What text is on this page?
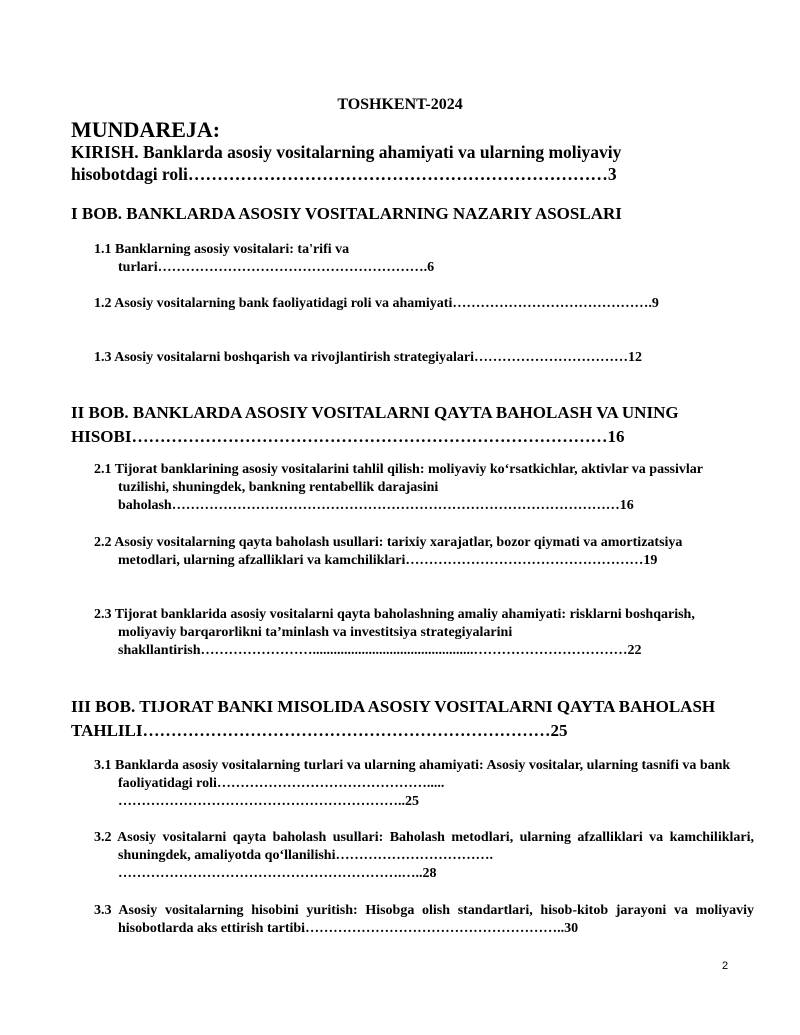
TOSHKENT-2024
MUNDAREJA:
KIRISH. Banklarda asosiy vositalarning ahamiyati va ularning moliyaviy hisobotdagi roli………………………………………………………………3
I BOB. BANKLARDA ASOSIY VOSITALARNING NAZARIY ASOSLARI
1.1 Banklarning asosiy vositalari: ta'rifi va turlari………………………………………………….6
1.2 Asosiy vositalarning bank faoliyatidagi roli va ahamiyati…………………………………….9
1.3 Asosiy vositalarni boshqarish va rivojlantirish strategiyalari……………………………12
II BOB. BANKLARDA ASOSIY VOSITALARNI QAYTA BAHOLASH VA UNING HISOBI…………………………………………………………………………16
2.1 Tijorat banklarining asosiy vositalarini tahlil qilish: moliyaviy ko‘rsatkichlar, aktivlar va passivlar tuzilishi, shuningdek, bankning rentabellik darajasini baholash……………………………………………………………………………………16
2.2 Asosiy vositalarning qayta baholash usullari: tarixiy xarajatlar, bozor qiymati va amortizatsiya metodlari, ularning afzalliklari va kamchiliklari……………………………………………19
2.3 Tijorat banklarida asosiy vositalarni qayta baholashning amaliy ahamiyati: risklarni boshqarish, moliyaviy barqarorlikni ta’minlash va investitsiya strategiyalarini shakllantirish……………………..............................................……………………………22
III BOB. TIJORAT BANKI MISOLIDA ASOSIY VOSITALARNI QAYTA BAHOLASH TAHLILI………………………………………………………………25
3.1 Banklarda asosiy vositalarning turlari va ularning ahamiyati: Asosiy vositalar, ularning tasnifi va bank faoliyatidagi roli……………………………………….....
……………………………………………………..25
3.2 Asosiy vositalarni qayta baholash usullari: Baholash metodlari, ularning afzalliklari va kamchiliklari, shuningdek, amaliyotda qo‘llanilishi…………………………….
…………………………………………………….…..28
3.3 Asosiy vositalarning hisobini yuritish: Hisobga olish standartlari, hisob-kitob jarayoni va moliyaviy hisobotlarda aks ettirish tartibi………………………………………………..30
2
